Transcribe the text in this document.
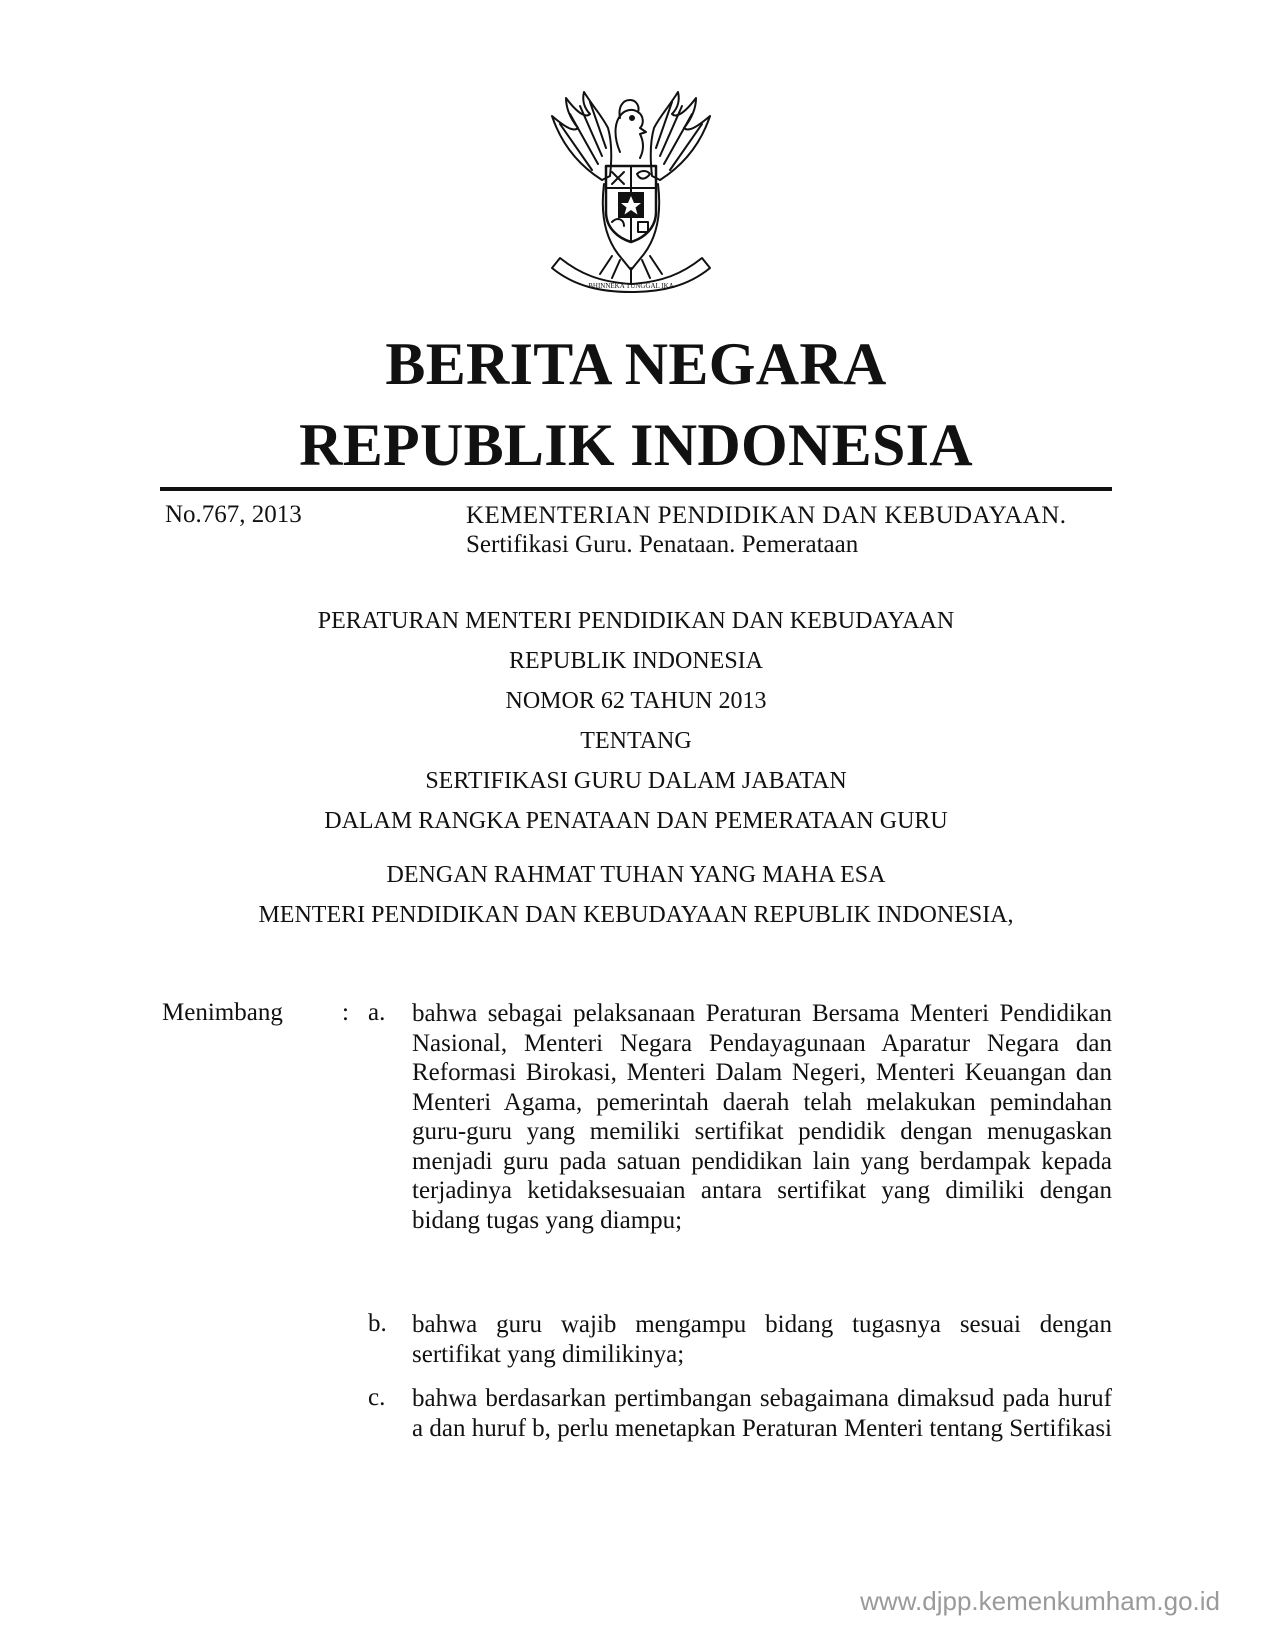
BHINNEKA TUNGGAL IKA
BERITA NEGARA
REPUBLIK INDONESIA
No.767, 2013	KEMENTERIAN PENDIDIKAN DAN KEBUDAYAAN.
Sertifikasi Guru. Penataan. Pemerataan
PERATURAN MENTERI PENDIDIKAN DAN KEBUDAYAAN
REPUBLIK INDONESIA
NOMOR 62 TAHUN 2013
TENTANG
SERTIFIKASI GURU DALAM JABATAN
DALAM RANGKA PENATAAN DAN PEMERATAAN GURU
DENGAN RAHMAT TUHAN YANG MAHA ESA
MENTERI PENDIDIKAN DAN KEBUDAYAAN REPUBLIK INDONESIA,
Menimbang : a. bahwa sebagai pelaksanaan Peraturan Bersama Menteri Pendidikan Nasional, Menteri Negara Pendayagunaan Aparatur Negara dan Reformasi Birokasi, Menteri Dalam Negeri, Menteri Keuangan dan Menteri Agama, pemerintah daerah telah melakukan pemindahan guru-guru yang memiliki sertifikat pendidik dengan menugaskan menjadi guru pada satuan pendidikan lain yang berdampak kepada terjadinya ketidaksesuaian antara sertifikat yang dimiliki dengan bidang tugas yang diampu;
b. bahwa guru wajib mengampu bidang tugasnya sesuai dengan sertifikat yang dimilikinya;
c. bahwa berdasarkan pertimbangan sebagaimana dimaksud pada huruf a dan huruf b, perlu menetapkan Peraturan Menteri tentang Sertifikasi
www.djpp.kemenkumham.go.id
